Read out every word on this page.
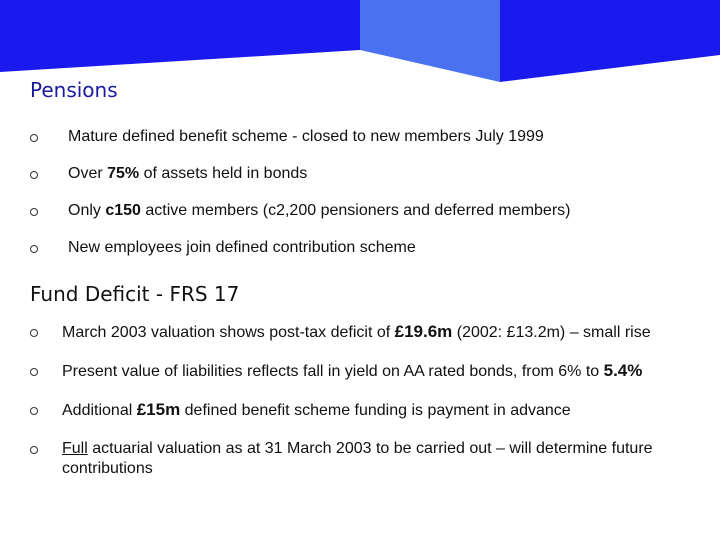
Pensions
Mature defined benefit scheme - closed to new members July 1999
Over 75% of assets held in bonds
Only c150 active members (c2,200 pensioners and deferred members)
New employees join defined contribution scheme
Fund Deficit - FRS 17
March 2003 valuation shows post-tax deficit of £19.6m (2002: £13.2m) – small rise
Present value of liabilities reflects fall in yield on AA rated bonds, from 6% to 5.4%
Additional £15m defined benefit scheme funding is payment in advance
Full actuarial valuation as at 31 March 2003 to be carried out – will determine future contributions
